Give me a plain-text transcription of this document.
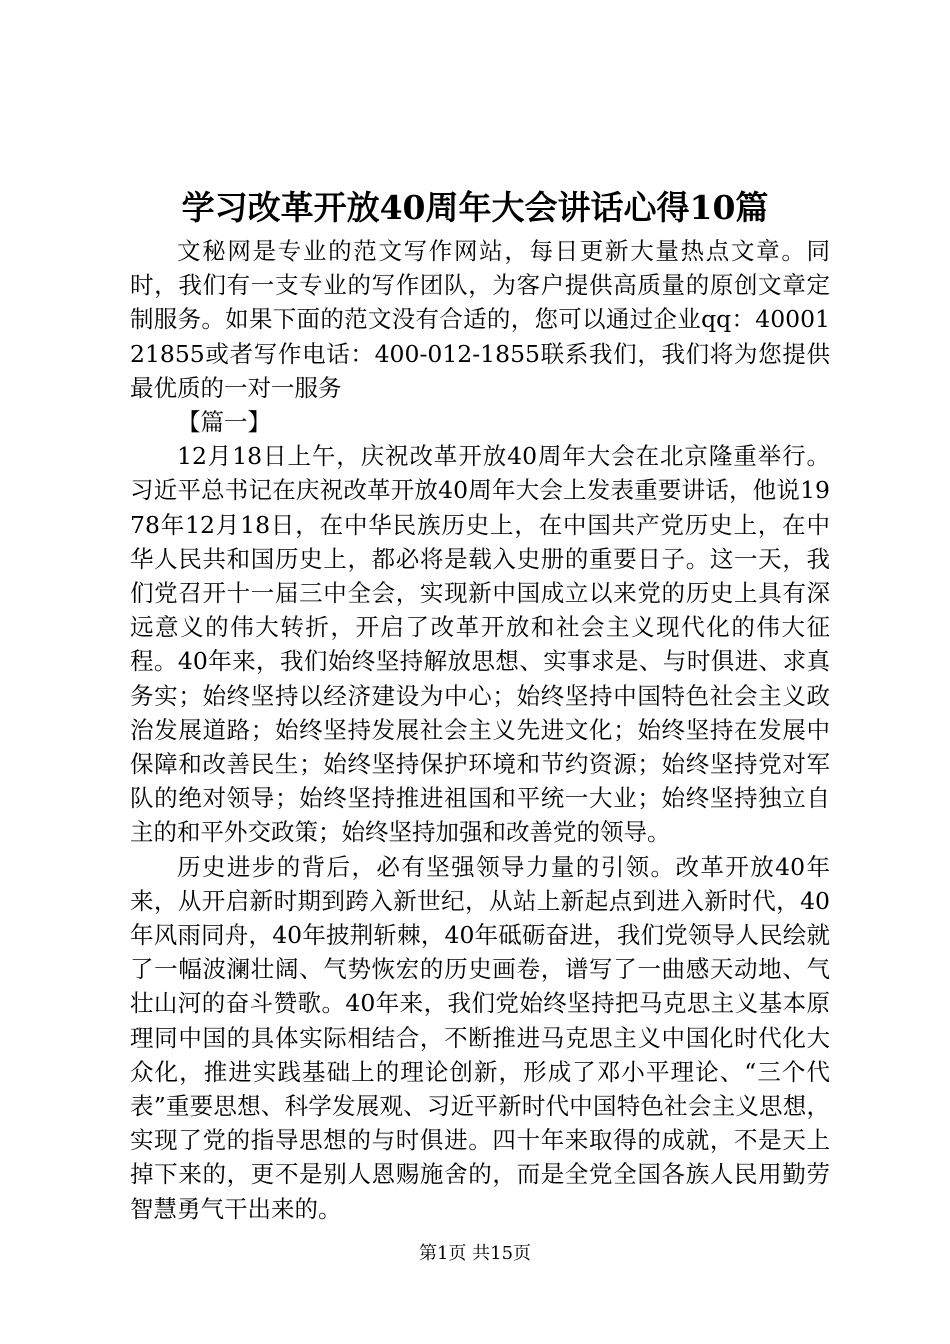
学习改革开放40周年大会讲话心得10篇

文秘网是专业的范文写作网站，每日更新大量热点文章。同时，我们有一支专业的写作团队，为客户提供高质量的原创文章定制服务。如果下面的范文没有合适的，您可以通过企业qq：4000121855或者写作电话：400-012-1855联系我们，我们将为您提供最优质的一对一服务

【篇一】

12月18日上午，庆祝改革开放40周年大会在北京隆重举行。习近平总书记在庆祝改革开放40周年大会上发表重要讲话，他说1978年12月18日，在中华民族历史上，在中国共产党历史上，在中华人民共和国历史上，都必将是载入史册的重要日子。这一天，我们党召开十一届三中全会，实现新中国成立以来党的历史上具有深远意义的伟大转折，开启了改革开放和社会主义现代化的伟大征程。40年来，我们始终坚持解放思想、实事求是、与时俱进、求真务实；始终坚持以经济建设为中心；始终坚持中国特色社会主义政治发展道路；始终坚持发展社会主义先进文化；始终坚持在发展中保障和改善民生；始终坚持保护环境和节约资源；始终坚持党对军队的绝对领导；始终坚持推进祖国和平统一大业；始终坚持独立自主的和平外交政策；始终坚持加强和改善党的领导。

历史进步的背后，必有坚强领导力量的引领。改革开放40年来，从开启新时期到跨入新世纪，从站上新起点到进入新时代，40年风雨同舟，40年披荆斩棘，40年砥砺奋进，我们党领导人民绘就了一幅波澜壮阔、气势恢宏的历史画卷，谱写了一曲感天动地、气壮山河的奋斗赞歌。40年来，我们党始终坚持把马克思主义基本原理同中国的具体实际相结合，不断推进马克思主义中国化时代化大众化，推进实践基础上的理论创新，形成了邓小平理论、“三个代表”重要思想、科学发展观、习近平新时代中国特色社会主义思想，实现了党的指导思想的与时俱进。四十年来取得的成就，不是天上掉下来的，更不是别人恩赐施舍的，而是全党全国各族人民用勤劳智慧勇气干出来的。

第1页 共15页
